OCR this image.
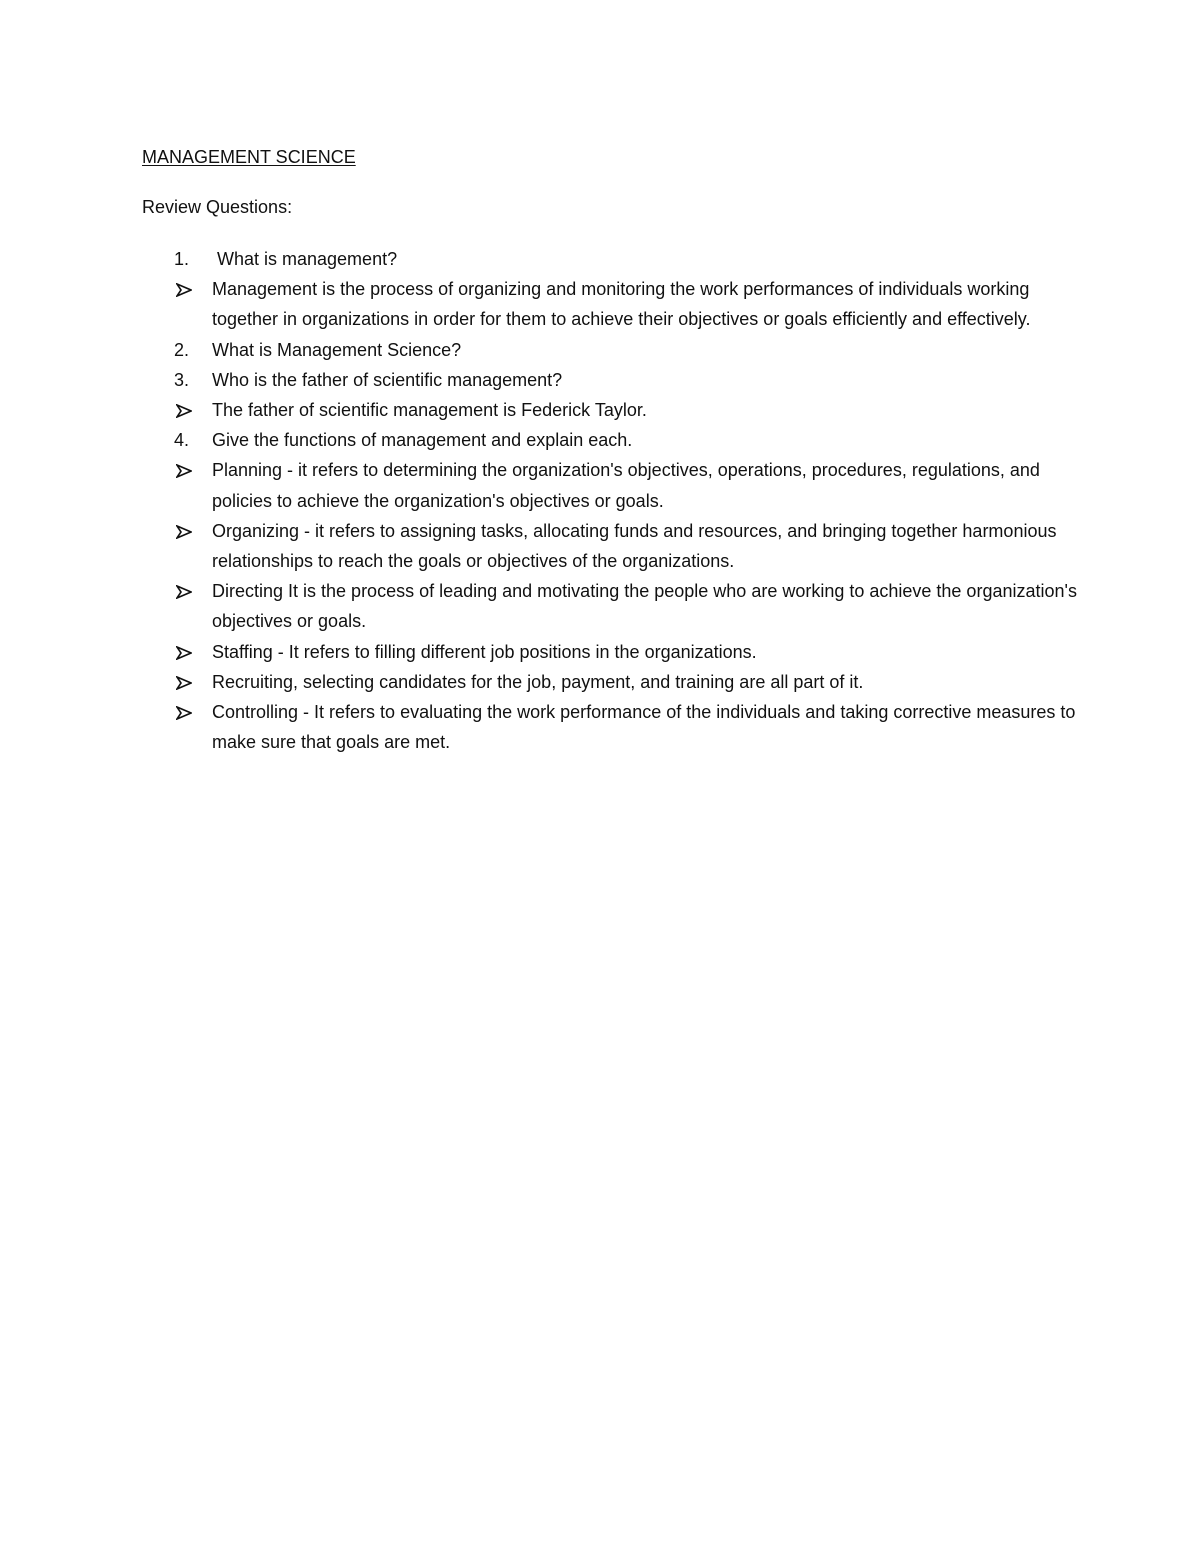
MANAGEMENT SCIENCE
Review Questions:
1.	What is management?
Management is the process of organizing and monitoring the work performances of individuals working together in organizations in order for them to achieve their objectives or goals efficiently and effectively.
2.	What is Management Science?
3.	Who is the father of scientific management?
The father of scientific management is Federick Taylor.
4.	Give the functions of management and explain each.
Planning - it refers to determining the organization's objectives, operations, procedures, regulations, and policies to achieve the organization's objectives or goals.
Organizing - it refers to assigning tasks, allocating funds and resources, and bringing together harmonious relationships to reach the goals or objectives of the organizations.
Directing It is the process of leading and motivating the people who are working to achieve the organization's objectives or goals.
Staffing - It refers to filling different job positions in the organizations.
Recruiting, selecting candidates for the job, payment, and training are all part of it.
Controlling - It refers to evaluating the work performance of the individuals and taking corrective measures to make sure that goals are met.
